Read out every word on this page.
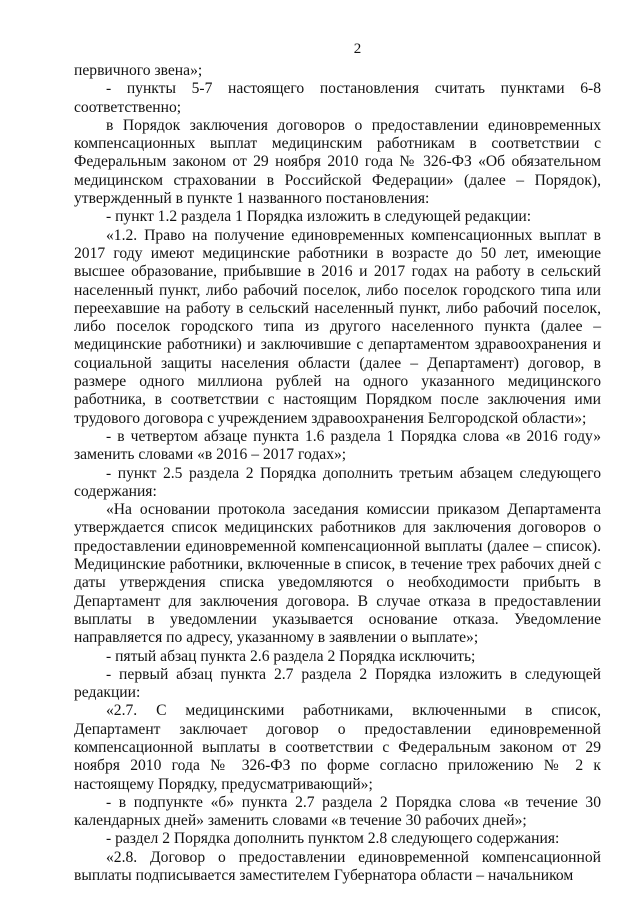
2

первичного звена»;

- пункты 5-7 настоящего постановления считать пунктами 6-8 соответственно;

в Порядок заключения договоров о предоставлении единовременных компенсационных выплат медицинским работникам в соответствии с Федеральным законом от 29 ноября 2010 года № 326-ФЗ «Об обязательном медицинском страховании в Российской Федерации» (далее – Порядок), утвержденный в пункте 1 названного постановления:

- пункт 1.2 раздела 1 Порядка изложить в следующей редакции:

«1.2. Право на получение единовременных компенсационных выплат в 2017 году имеют медицинские работники в возрасте до 50 лет, имеющие высшее образование, прибывшие в 2016 и 2017 годах на работу в сельский населенный пункт, либо рабочий поселок, либо поселок городского типа или переехавшие на работу в сельский населенный пункт, либо рабочий поселок, либо поселок городского типа из другого населенного пункта (далее – медицинские работники) и заключившие с департаментом здравоохранения и социальной защиты населения области (далее – Департамент) договор, в размере одного миллиона рублей на одного указанного медицинского работника, в соответствии с настоящим Порядком после заключения ими трудового договора с учреждением здравоохранения Белгородской области»;

- в четвертом абзаце пункта 1.6 раздела 1 Порядка слова «в 2016 году» заменить словами «в 2016 – 2017 годах»;

- пункт 2.5 раздела 2 Порядка дополнить третьим абзацем следующего содержания:

«На основании протокола заседания комиссии приказом Департамента утверждается список медицинских работников для заключения договоров о предоставлении единовременной компенсационной выплаты (далее – список). Медицинские работники, включенные в список, в течение трех рабочих дней с даты утверждения списка уведомляются о необходимости прибыть в Департамент для заключения договора. В случае отказа в предоставлении выплаты в уведомлении указывается основание отказа. Уведомление направляется по адресу, указанному в заявлении о выплате»;

- пятый абзац пункта 2.6 раздела 2 Порядка исключить;

- первый абзац пункта 2.7 раздела 2 Порядка изложить в следующей редакции:

«2.7. С медицинскими работниками, включенными в список, Департамент заключает договор о предоставлении единовременной компенсационной выплаты в соответствии с Федеральным законом от 29 ноября 2010 года № 326-ФЗ по форме согласно приложению № 2 к настоящему Порядку, предусматривающий»;

- в подпункте «б» пункта 2.7 раздела 2 Порядка слова «в течение 30 календарных дней» заменить словами «в течение 30 рабочих дней»;

- раздел 2 Порядка дополнить пунктом 2.8 следующего содержания:

«2.8. Договор о предоставлении единовременной компенсационной выплаты подписывается заместителем Губернатора области – начальником
